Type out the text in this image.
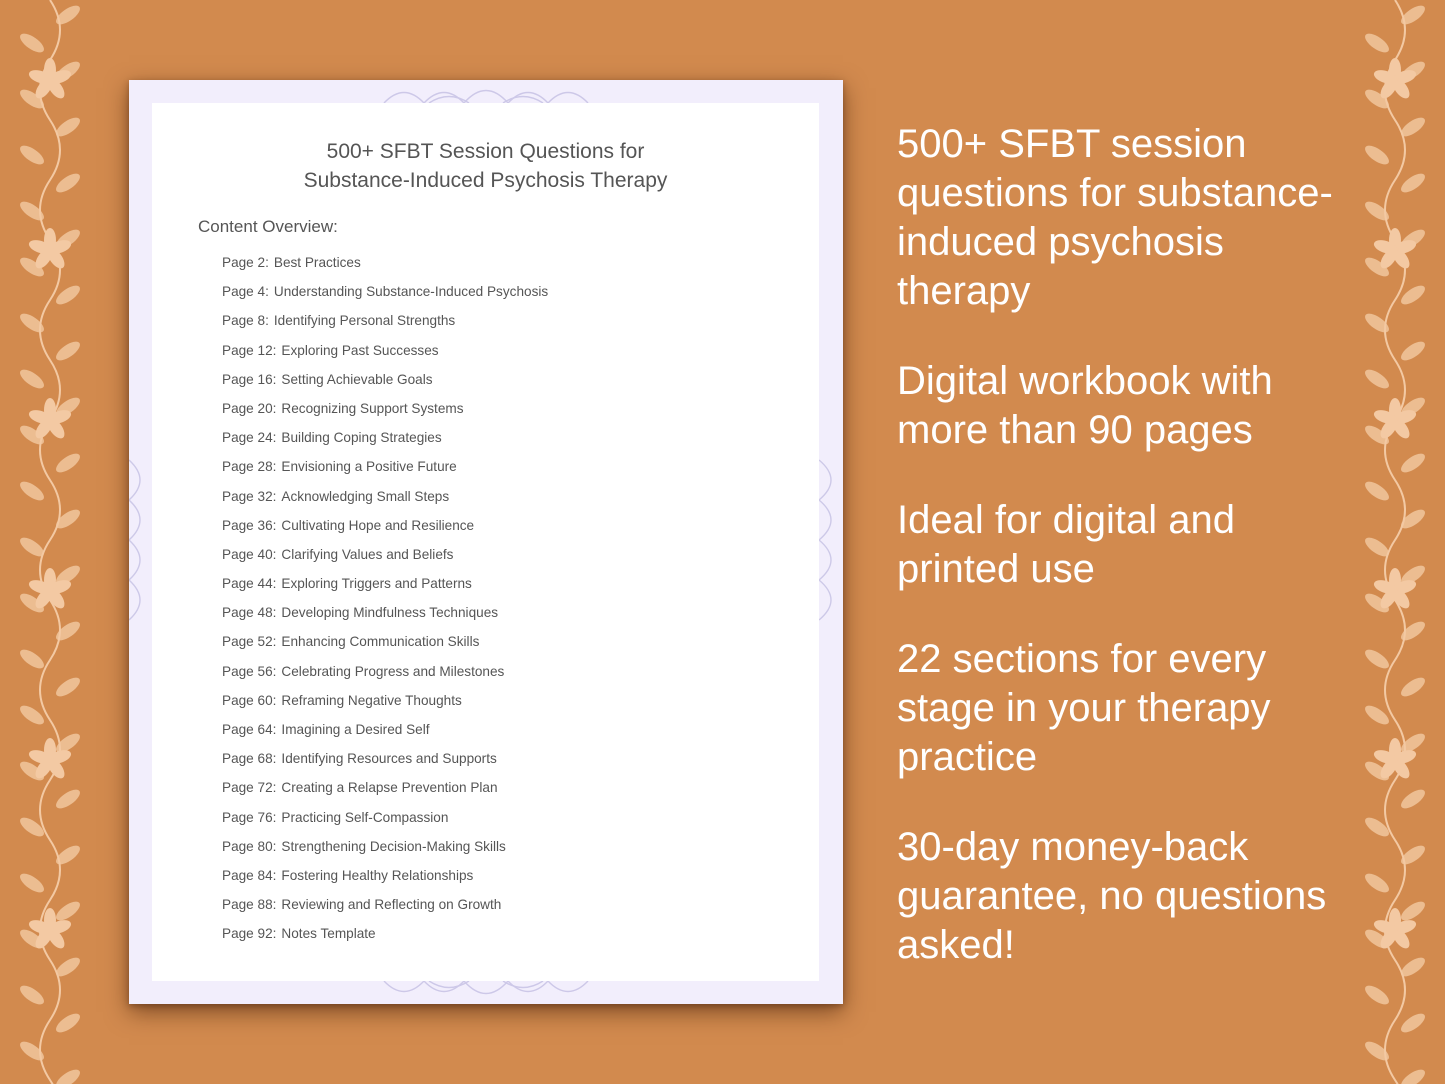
500+ SFBT Session Questions for
Substance-Induced Psychosis Therapy

Content Overview:

Page 2: Best Practices
Page 4: Understanding Substance-Induced Psychosis
Page 8: Identifying Personal Strengths
Page 12: Exploring Past Successes
Page 16: Setting Achievable Goals
Page 20: Recognizing Support Systems
Page 24: Building Coping Strategies
Page 28: Envisioning a Positive Future
Page 32: Acknowledging Small Steps
Page 36: Cultivating Hope and Resilience
Page 40: Clarifying Values and Beliefs
Page 44: Exploring Triggers and Patterns
Page 48: Developing Mindfulness Techniques
Page 52: Enhancing Communication Skills
Page 56: Celebrating Progress and Milestones
Page 60: Reframing Negative Thoughts
Page 64: Imagining a Desired Self
Page 68: Identifying Resources and Supports
Page 72: Creating a Relapse Prevention Plan
Page 76: Practicing Self-Compassion
Page 80: Strengthening Decision-Making Skills
Page 84: Fostering Healthy Relationships
Page 88: Reviewing and Reflecting on Growth
Page 92: Notes Template

500+ SFBT session questions for substance-induced psychosis therapy

Digital workbook with more than 90 pages

Ideal for digital and printed use

22 sections for every stage in your therapy practice

30-day money-back guarantee, no questions asked!
